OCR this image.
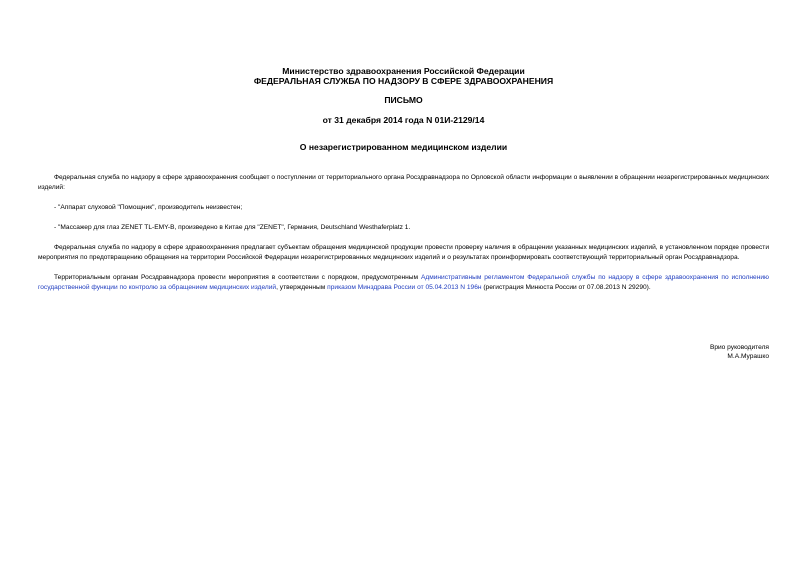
Министерство здравоохранения Российской Федерации
ФЕДЕРАЛЬНАЯ СЛУЖБА ПО НАДЗОРУ В СФЕРЕ ЗДРАВООХРАНЕНИЯ
ПИСЬМО
от 31 декабря 2014 года N 01И-2129/14
О незарегистрированном медицинском изделии

Федеральная служба по надзору в сфере здравоохранения сообщает о поступлении от территориального органа Росздравнадзора по Орловской области информации о выявлении в обращении незарегистрированных медицинских изделий:

- "Аппарат слуховой "Помощник", производитель неизвестен;

- "Массажер для глаз ZENET TL-EMY-B, произведено в Китае для "ZENET", Германия, Deutschland Westhaferplatz 1.

Федеральная служба по надзору в сфере здравоохранения предлагает субъектам обращения медицинской продукции провести проверку наличия в обращении указанных медицинских изделий, в установленном порядке провести мероприятия по предотвращению обращения на территории Российской Федерации незарегистрированных медицинских изделий и о результатах проинформировать соответствующий территориальный орган Росздравнадзора.

Территориальным органам Росздравнадзора провести мероприятия в соответствии с порядком, предусмотренным Административным регламентом Федеральной службы по надзору в сфере здравоохранения по исполнению государственной функции по контролю за обращением медицинских изделий, утвержденным приказом Минздрава России от 05.04.2013 N 196н (регистрация Минюста России от 07.08.2013 N 29290).

Врио руководителя
М.А.Мурашко
